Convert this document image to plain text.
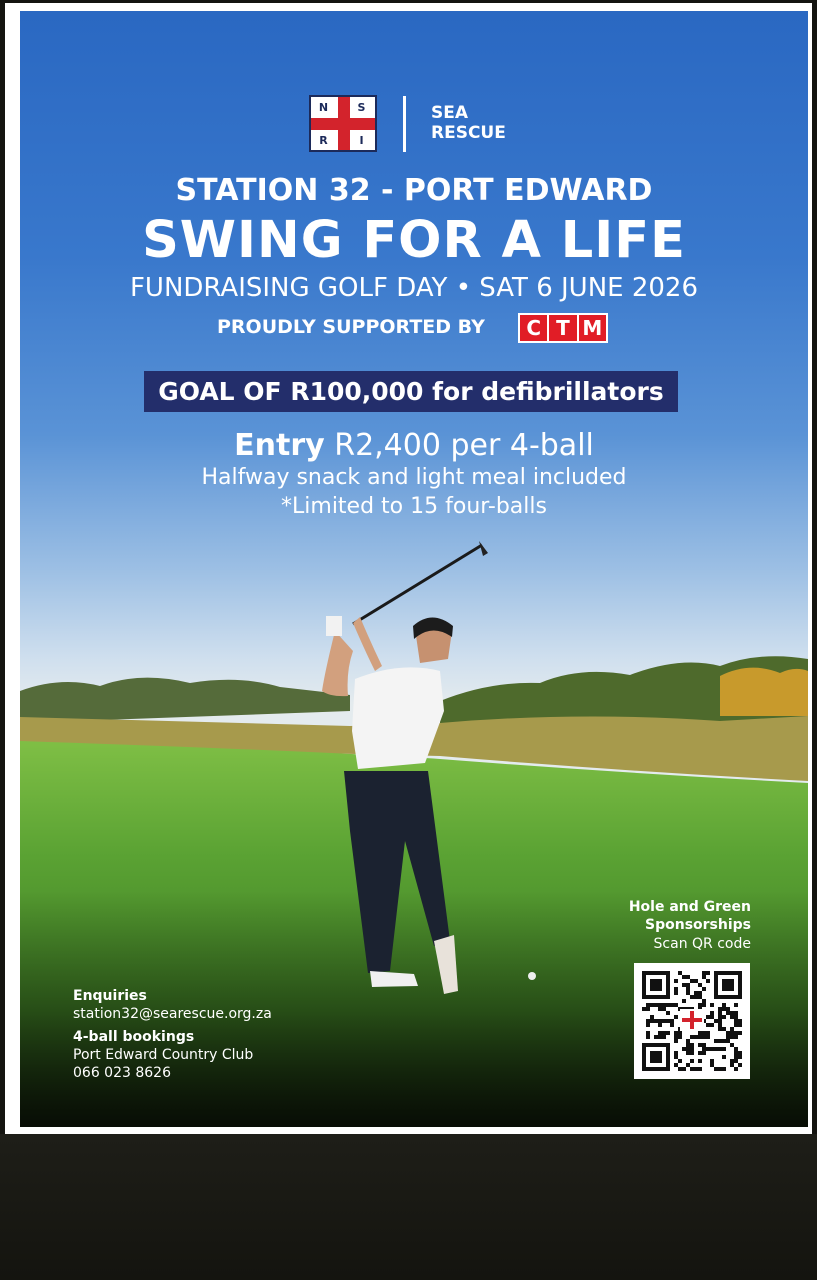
N	S
R	I
SEA
RESCUE
STATION 32 - PORT EDWARD
SWING FOR A LIFE
FUNDRAISING GOLF DAY • SAT 6 JUNE 2026
PROUDLY SUPPORTED BY	C T M
GOAL OF R100,000 for defibrillators
Entry R2,400 per 4-ball
Halfway snack and light meal included
*Limited to 15 four-balls
Enquiries
station32@searescue.org.za
4-ball bookings
Port Edward Country Club
066 023 8626
Hole and Green
Sponsorships
Scan QR code
